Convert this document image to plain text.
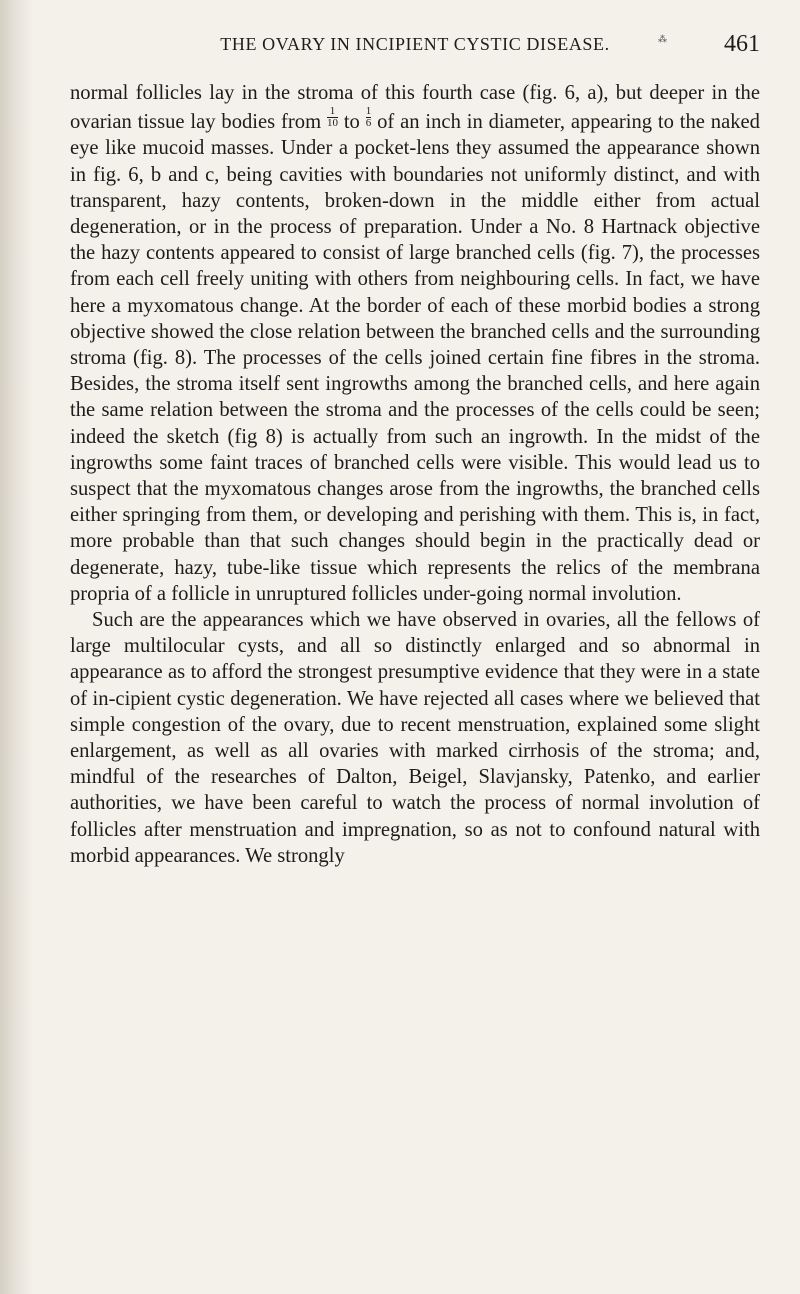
THE OVARY IN INCIPIENT CYSTIC DISEASE.	⁂ 461

normal follicles lay in the stroma of this fourth case (fig. 6, a), but deeper in the ovarian tissue lay bodies from $\frac{1}{10}$ to $\frac{1}{6}$ of an inch in diameter, appearing to the naked eye like mucoid masses. Under a pocket-lens they assumed the appearance shown in fig. 6, b and c, being cavities with boundaries not uniformly distinct, and with transparent, hazy contents, broken-down in the middle either from actual degeneration, or in the process of preparation. Under a No. 8 Hartnack objective the hazy contents appeared to consist of large branched cells (fig. 7), the processes from each cell freely uniting with others from neighbouring cells. In fact, we have here a myxomatous change. At the border of each of these morbid bodies a strong objective showed the close relation between the branched cells and the surrounding stroma (fig. 8). The processes of the cells joined certain fine fibres in the stroma. Besides, the stroma itself sent ingrowths among the branched cells, and here again the same relation between the stroma and the processes of the cells could be seen; indeed the sketch (fig 8) is actually from such an ingrowth. In the midst of the ingrowths some faint traces of branched cells were visible. This would lead us to suspect that the myxomatous changes arose from the ingrowths, the branched cells either springing from them, or developing and perishing with them. This is, in fact, more probable than that such changes should begin in the practically dead or degenerate, hazy, tube-like tissue which represents the relics of the membrana propria of a follicle in unruptured follicles under-going normal involution.

Such are the appearances which we have observed in ovaries, all the fellows of large multilocular cysts, and all so distinctly enlarged and so abnormal in appearance as to afford the strongest presumptive evidence that they were in a state of in-cipient cystic degeneration. We have rejected all cases where we believed that simple congestion of the ovary, due to recent menstruation, explained some slight enlargement, as well as all ovaries with marked cirrhosis of the stroma; and, mindful of the researches of Dalton, Beigel, Slavjansky, Patenko, and earlier authorities, we have been careful to watch the process of normal involution of follicles after menstruation and impregnation, so as not to confound natural with morbid appearances. We strongly
